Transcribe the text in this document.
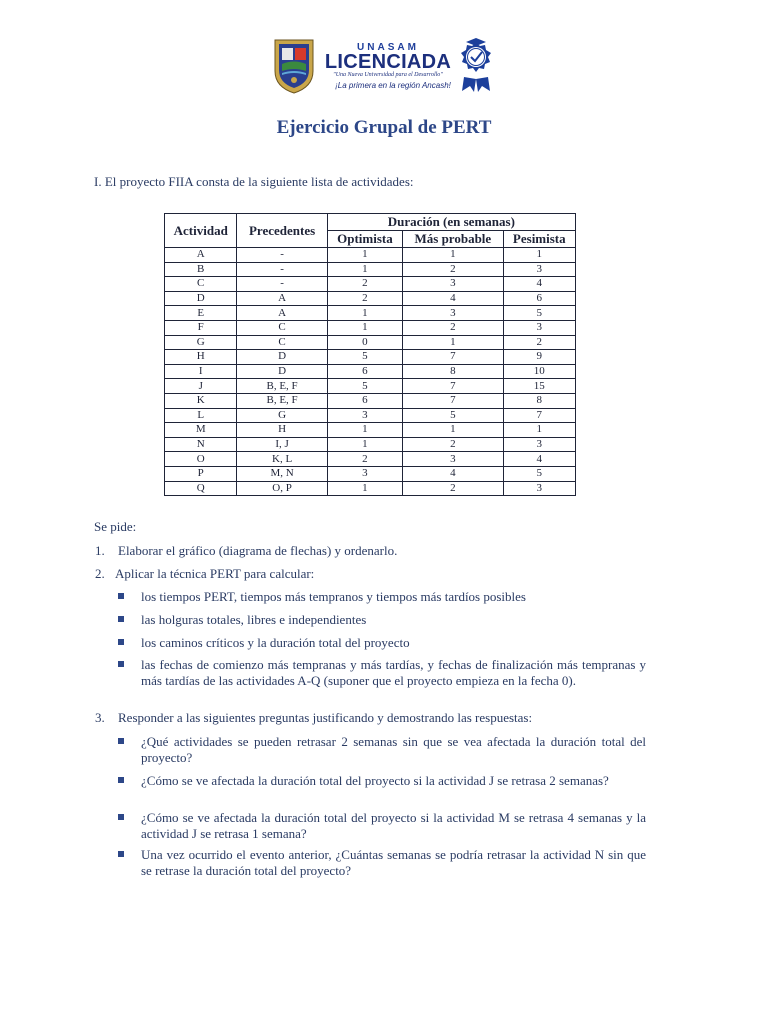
UNASAM
LICENCIADA
"Una Nueva Universidad para el Desarrollo"
¡La primera en la región Ancash!
Ejercicio Grupal de PERT

I. El proyecto FIIA consta de la siguiente lista de actividades:

Actividad	Precedentes	Duración (en semanas)		
		Optimista	Más probable	Pesimista
A	-	1	1	1
B	-	1	2	3
C	-	2	3	4
D	A	2	4	6
E	A	1	3	5
F	C	1	2	3
G	C	0	1	2
H	D	5	7	9
I	D	6	8	10
J	B, E, F	5	7	15
K	B, E, F	6	7	8
L	G	3	5	7
M	H	1	1	1
N	I, J	1	2	3
O	K, L	2	3	4
P	M, N	3	4	5
Q	O, P	1	2	3
Se pide:
1. Elaborar el gráfico (diagrama de flechas) y ordenarlo.
2. Aplicar la técnica PERT para calcular:
los tiempos PERT, tiempos más tempranos y tiempos más tardíos posibles
las holguras totales, libres e independientes
los caminos críticos y la duración total del proyecto
las fechas de comienzo más tempranas y más tardías, y fechas de finalización más tempranas y más tardías de las actividades A-Q (suponer que el proyecto empieza en la fecha 0).
3. Responder a las siguientes preguntas justificando y demostrando las respuestas:
¿Qué actividades se pueden retrasar 2 semanas sin que se vea afectada la duración total del proyecto?
¿Cómo se ve afectada la duración total del proyecto si la actividad J se retrasa 2 semanas?
¿Cómo se ve afectada la duración total del proyecto si la actividad M se retrasa 4 semanas y la actividad J se retrasa 1 semana?
Una vez ocurrido el evento anterior, ¿Cuántas semanas se podría retrasar la actividad N sin que se retrase la duración total del proyecto?
